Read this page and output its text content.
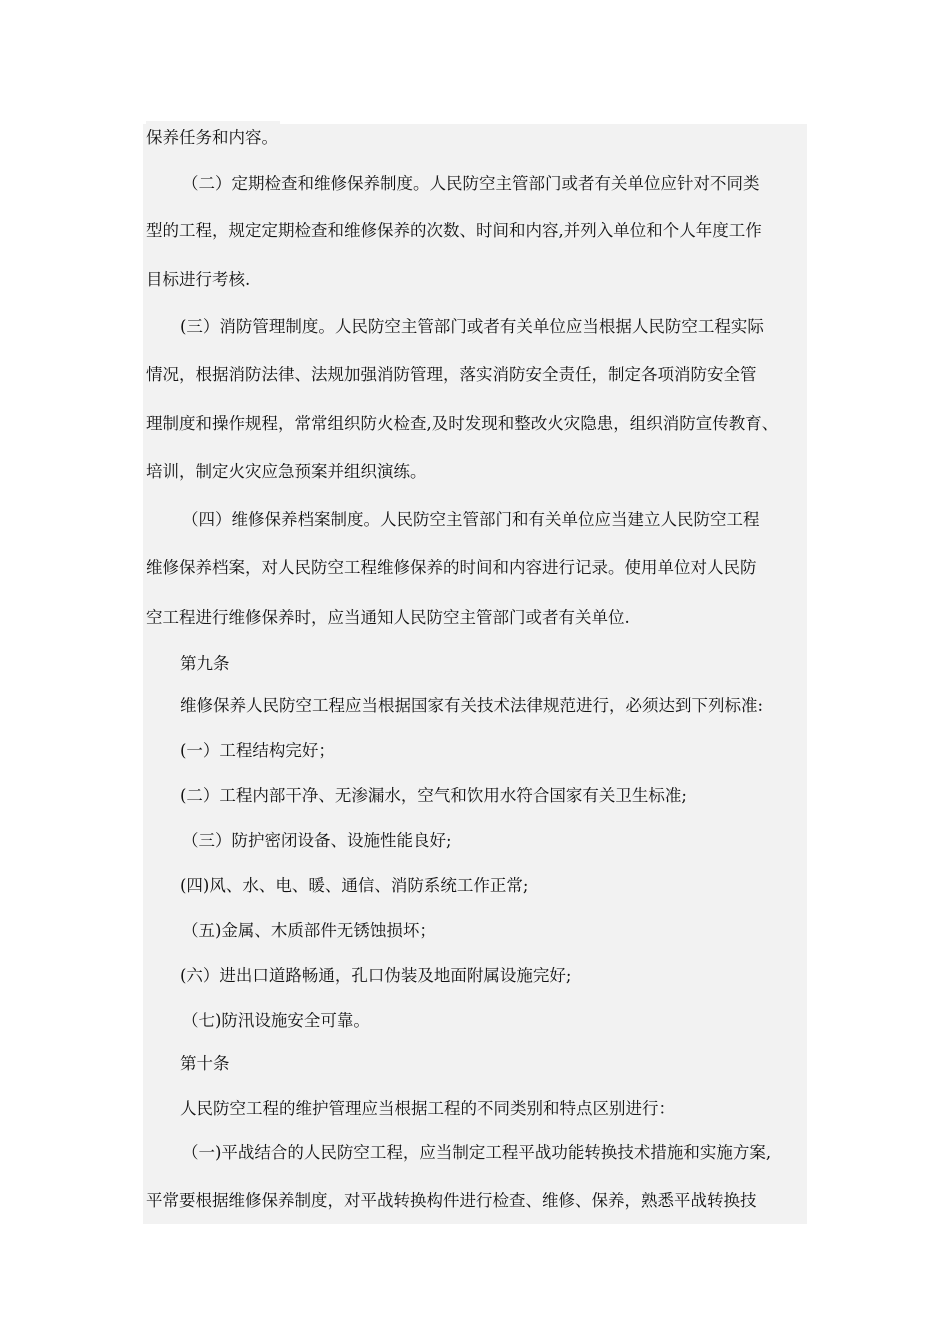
保养任务和内容。
（二）定期检查和维修保养制度。人民防空主管部门或者有关单位应针对不同类
型的工程，规定定期检查和维修保养的次数、时间和内容,并列入单位和个人年度工作
目标进行考核.
(三）消防管理制度。人民防空主管部门或者有关单位应当根据人民防空工程实际
情况，根据消防法律、法规加强消防管理，落实消防安全责任，制定各项消防安全管
理制度和操作规程，常常组织防火检查,及时发现和整改火灾隐患，组织消防宣传教育、
培训，制定火灾应急预案并组织演练。
（四）维修保养档案制度。人民防空主管部门和有关单位应当建立人民防空工程
维修保养档案，对人民防空工程维修保养的时间和内容进行记录。使用单位对人民防
空工程进行维修保养时，应当通知人民防空主管部门或者有关单位.
第九条
维修保养人民防空工程应当根据国家有关技术法律规范进行，必须达到下列标准:
(一）工程结构完好；
(二）工程内部干净、无渗漏水，空气和饮用水符合国家有关卫生标准;
（三）防护密闭设备、设施性能良好;
(四)风、水、电、暖、通信、消防系统工作正常;
（五)金属、木质部件无锈蚀损坏；
(六）进出口道路畅通，孔口伪装及地面附属设施完好;
（七)防汛设施安全可靠。
第十条
人民防空工程的维护管理应当根据工程的不同类别和特点区别进行：
（一)平战结合的人民防空工程，应当制定工程平战功能转换技术措施和实施方案,
平常要根据维修保养制度，对平战转换构件进行检查、维修、保养，熟悉平战转换技
